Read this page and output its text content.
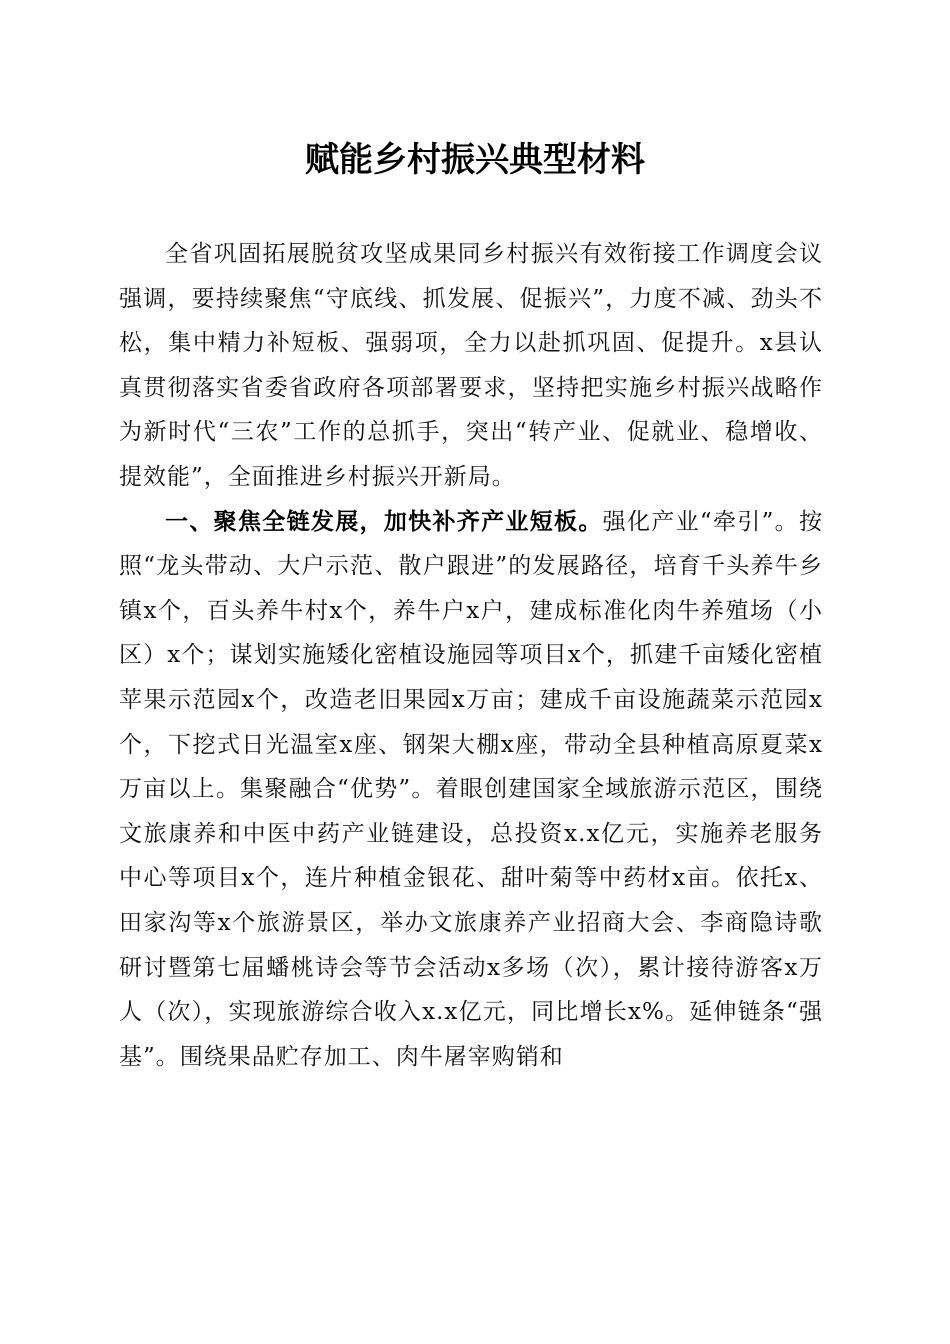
赋能乡村振兴典型材料

全省巩固拓展脱贫攻坚成果同乡村振兴有效衔接工作调度会议强调，要持续聚焦“守底线、抓发展、促振兴”，力度不减、劲头不松，集中精力补短板、强弱项，全力以赴抓巩固、促提升。x县认真贯彻落实省委省政府各项部署要求，坚持把实施乡村振兴战略作为新时代“三农”工作的总抓手，突出“转产业、促就业、稳增收、提效能”，全面推进乡村振兴开新局。

一、聚焦全链发展，加快补齐产业短板。强化产业“牵引”。按照“龙头带动、大户示范、散户跟进”的发展路径，培育千头养牛乡镇x个，百头养牛村x个，养牛户x户，建成标准化肉牛养殖场（小区）x个；谋划实施矮化密植设施园等项目x个，抓建千亩矮化密植苹果示范园x个，改造老旧果园x万亩；建成千亩设施蔬菜示范园x个，下挖式日光温室x座、钢架大棚x座，带动全县种植高原夏菜x万亩以上。集聚融合“优势”。着眼创建国家全域旅游示范区，围绕文旅康养和中医中药产业链建设，总投资x.x亿元，实施养老服务中心等项目x个，连片种植金银花、甜叶菊等中药材x亩。依托x、田家沟等x个旅游景区，举办文旅康养产业招商大会、李商隐诗歌研讨暨第七届蟠桃诗会等节会活动x多场（次），累计接待游客x万人（次），实现旅游综合收入x.x亿元，同比增长x%。延伸链条“强基”。围绕果品贮存加工、肉牛屠宰购销和
